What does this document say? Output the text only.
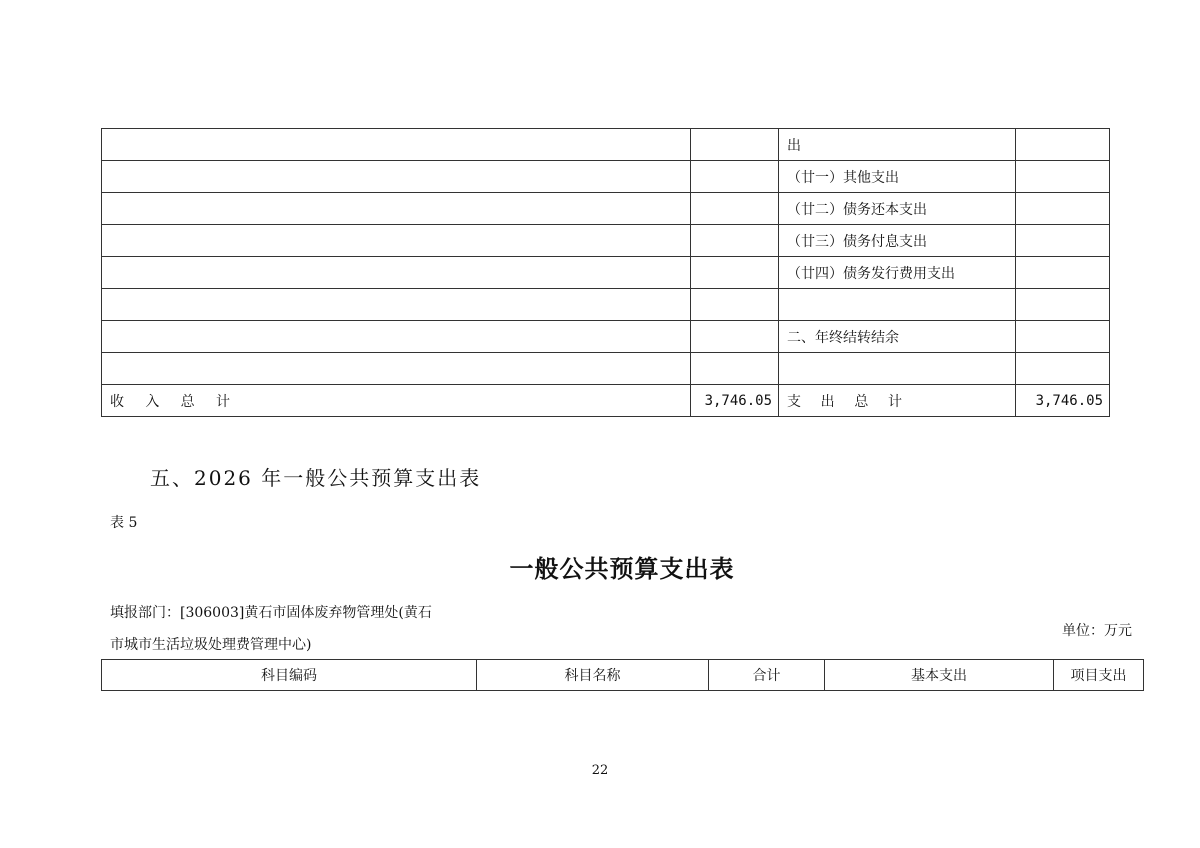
		出	
		（廿一）其他支出	
		（廿二）债务还本支出	
		（廿三）债务付息支出	
		（廿四）债务发行费用支出	

		二、年终结转结余	

收 入 总 计	3,746.05	支 出 总 计	3,746.05
五、2026 年一般公共预算支出表
表 5
一般公共预算支出表
填报部门：[306003]黄石市固体废弃物管理处(黄石
市城市生活垃圾处理费管理中心)
单位：万元
科目编码	科目名称	合计	基本支出	项目支出
22
